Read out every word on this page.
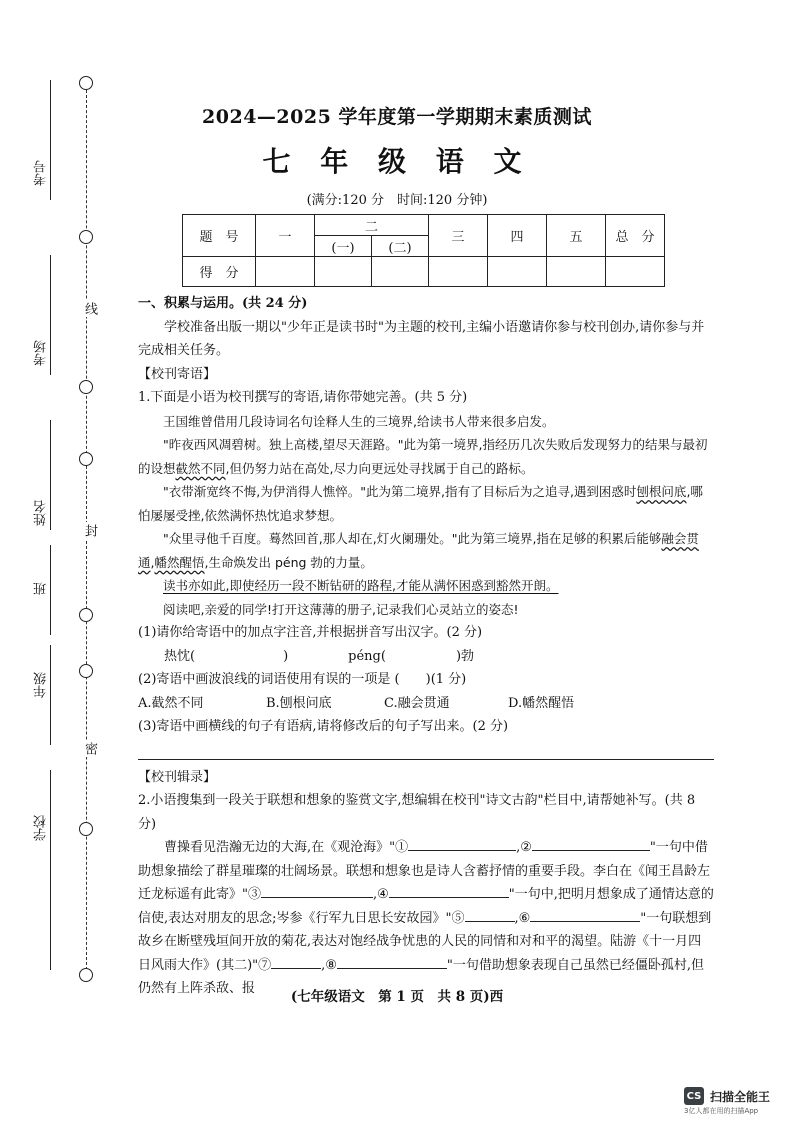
线
封
密
考号
考场
姓名
班
年级
学校
2024—2025 学年度第一学期期末素质测试
七 年 级 语 文
(满分:120 分　时间:120 分钟)
题　号	一	二		三	四	五	总　分
		(一)	(二)				
得　分							

一、积累与运用。(共 24 分)

学校准备出版一期以"少年正是读书时"为主题的校刊,主编小语邀请你参与校刊创办,请你参与并完成相关任务。

【校刊寄语】

1.下面是小语为校刊撰写的寄语,请你带她完善。(共 5 分)

王国维曾借用几段诗词名句诠释人生的三境界,给读书人带来很多启发。

"昨夜西风凋碧树。独上高楼,望尽天涯路。"此为第一境界,指经历几次失败后发现努力的结果与最初的设想截然不同,但仍努力站在高处,尽力向更远处寻找属于自己的路标。

"衣带渐宽终不悔,为伊消得人憔悴。"此为第二境界,指有了目标后为之追寻,遇到困惑时刨根问底,哪怕屡屡受挫,依然满怀热忱追求梦想。

"众里寻他千百度。蓦然回首,那人却在,灯火阑珊处。"此为第三境界,指在足够的积累后能够融会贯通,幡然醒悟,生命焕发出 péng 勃的力量。

读书亦如此,即使经历一段不断钻研的路程,才能从满怀困惑到豁然开朗。

阅读吧,亲爱的同学!打开这薄薄的册子,记录我们心灵站立的姿态!

(1)请你给寄语中的加点字注音,并根据拼音写出汉字。(2 分)

热忱(	)	péng(	)勃

(2)寄语中画波浪线的词语使用有误的一项是 (　　)(1 分)

A.截然不同	B.刨根问底	C.融会贯通	D.幡然醒悟

(3)寄语中画横线的句子有语病,请将修改后的句子写出来。(2 分)

【校刊辑录】

2.小语搜集到一段关于联想和想象的鉴赏文字,想编辑在校刊"诗文古韵"栏目中,请帮她补写。(共 8 分)

曹操看见浩瀚无边的大海,在《观沧海》"①	,②	"一句中借助想象描绘了群星璀璨的壮阔场景。联想和想象也是诗人含蓄抒情的重要手段。李白在《闻王昌龄左迁龙标遥有此寄》"③	,④	"一句中,把明月想象成了通情达意的信使,表达对朋友的思念;岑参《行军九日思长安故园》"⑤	,⑥	"一句联想到故乡在断壁残垣间开放的菊花,表达对饱经战争忧患的人民的同情和对和平的渴望。陆游《十一月四日风雨大作》(其二)"⑦	,⑧	"一句借助想象表现自己虽然已经僵卧孤村,但仍然有上阵杀敌、报

(七年级语文　第 1 页　共 8 页)西
CS 扫描全能王
3亿人都在用的扫描App
